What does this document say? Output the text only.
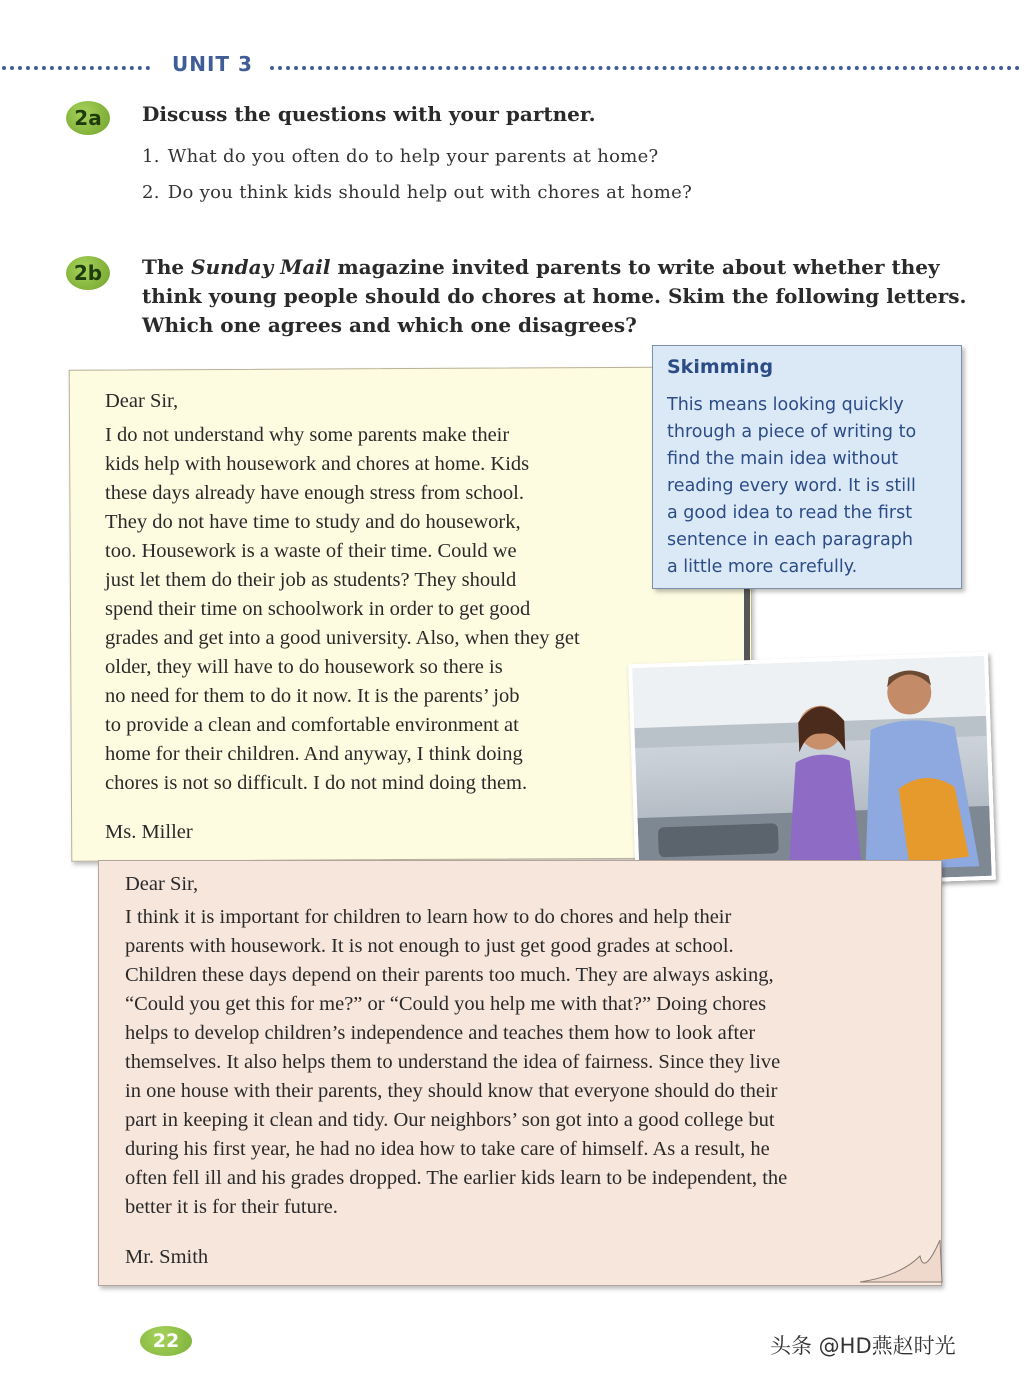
UNIT 3
2a	Discuss the questions with your partner.
1. What do you often do to help your parents at home?
2. Do you think kids should help out with chores at home?
2b	The Sunday Mail magazine invited parents to write about whether they
think young people should do chores at home. Skim the following letters.
Which one agrees and which one disagrees?
Dear Sir,
I do not understand why some parents make their
kids help with housework and chores at home. Kids
these days already have enough stress from school.
They do not have time to study and do housework,
too. Housework is a waste of their time. Could we
just let them do their job as students? They should
spend their time on schoolwork in order to get good
grades and get into a good university. Also, when they get
older, they will have to do housework so there is
no need for them to do it now. It is the parents’ job
to provide a clean and comfortable environment at
home for their children. And anyway, I think doing
chores is not so difficult. I do not mind doing them.
Ms. Miller
Skimming
This means looking quickly
through a piece of writing to
find the main idea without
reading every word. It is still
a good idea to read the first
sentence in each paragraph
a little more carefully.
Dear Sir,
I think it is important for children to learn how to do chores and help their
parents with housework. It is not enough to just get good grades at school.
Children these days depend on their parents too much. They are always asking,
“Could you get this for me?” or “Could you help me with that?” Doing chores
helps to develop children’s independence and teaches them how to look after
themselves. It also helps them to understand the idea of fairness. Since they live
in one house with their parents, they should know that everyone should do their
part in keeping it clean and tidy. Our neighbors’ son got into a good college but
during his first year, he had no idea how to take care of himself. As a result, he
often fell ill and his grades dropped. The earlier kids learn to be independent, the
better it is for their future.
Mr. Smith
22	头条 @HD燕赵时光
